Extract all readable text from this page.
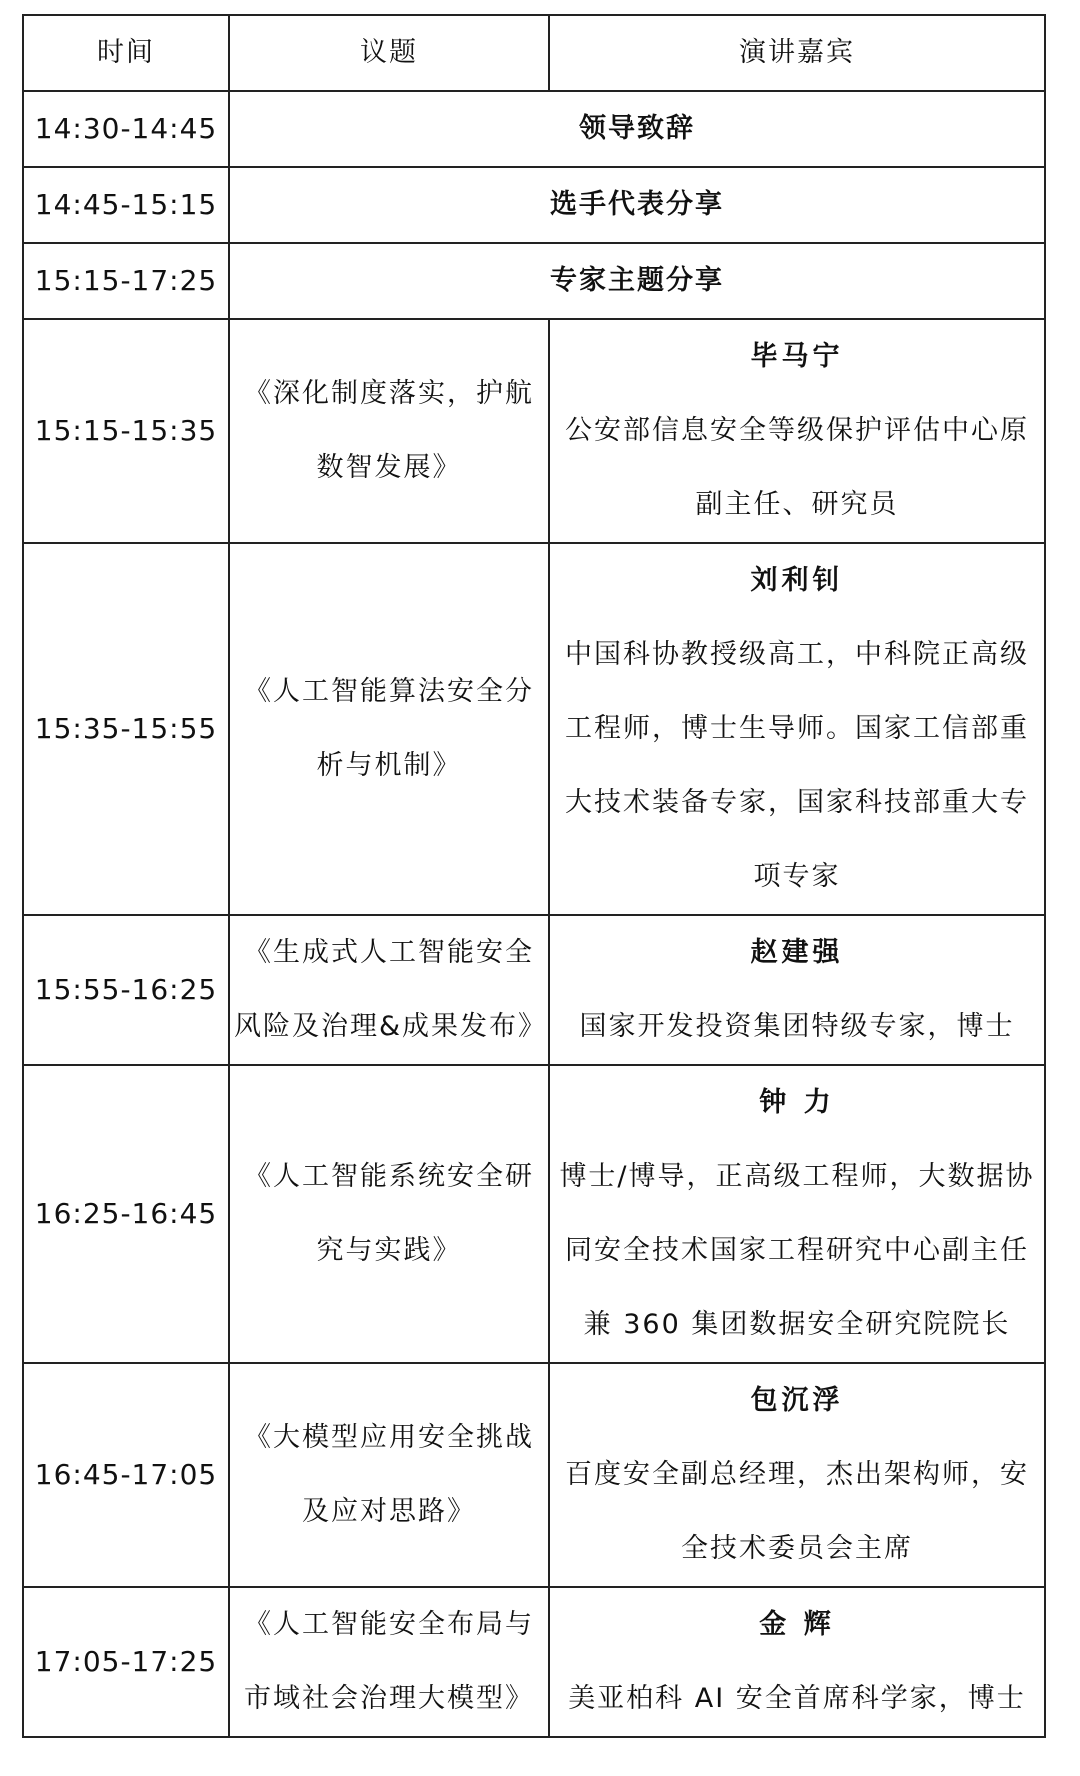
时间	议题	演讲嘉宾
14:30-14:45	领导致辞	
14:45-15:15	选手代表分享	
15:15-17:25	专家主题分享	
15:15-15:35	《深化制度落实，护航数智发展》	毕马宁
公安部信息安全等级保护评估中心原副主任、研究员

15:35-15:55	《人工智能算法安全分析与机制》	刘利钊
中国科协教授级高工，中科院正高级工程师，博士生导师。国家工信部重大技术装备专家，国家科技部重大专项专家

15:55-16:25	《生成式人工智能安全风险及治理&成果发布》	赵建强
国家开发投资集团特级专家，博士

16:25-16:45	《人工智能系统安全研究与实践》	钟 力
博士/博导，正高级工程师，大数据协同安全技术国家工程研究中心副主任兼 360 集团数据安全研究院院长

16:45-17:05	《大模型应用安全挑战及应对思路》	包沉浮
百度安全副总经理，杰出架构师，安全技术委员会主席

17:05-17:25	《人工智能安全布局与市域社会治理大模型》	金 辉
美亚柏科 AI 安全首席科学家，博士
